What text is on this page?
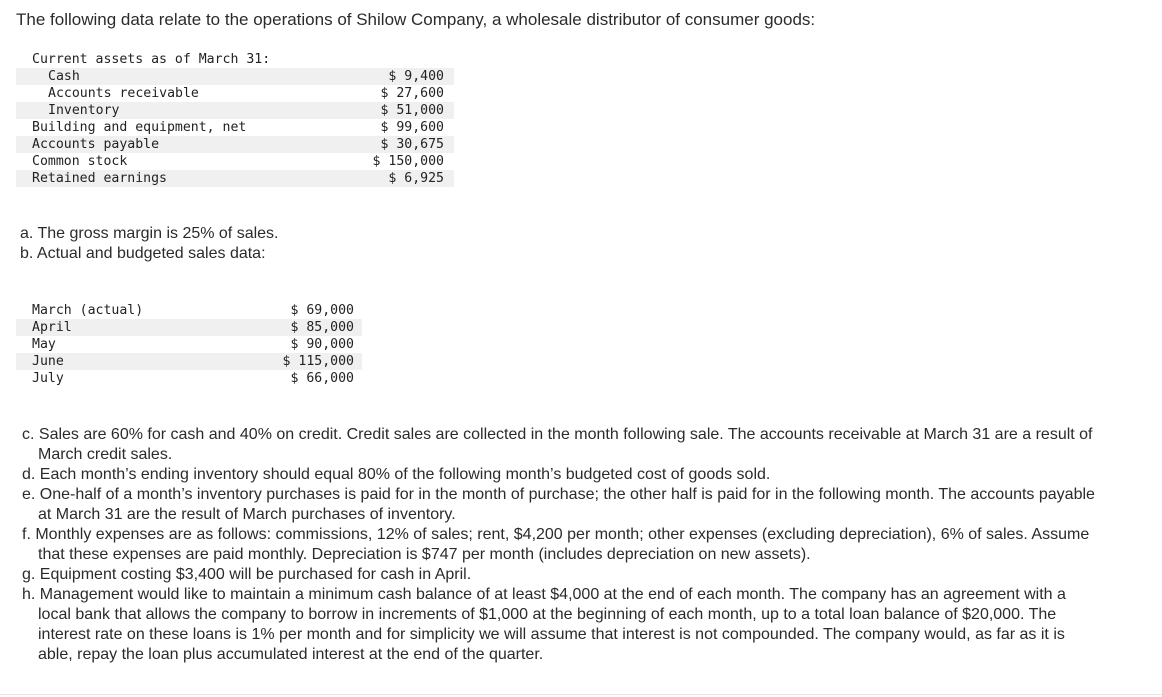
The following data relate to the operations of Shilow Company, a wholesale distributor of consumer goods:
Current assets as of March 31:
Cash	$ 9,400
Accounts receivable	$ 27,600
Inventory	$ 51,000
Building and equipment, net	$ 99,600
Accounts payable	$ 30,675
Common stock	$ 150,000
Retained earnings	$ 6,925
a. The gross margin is 25% of sales.
b. Actual and budgeted sales data:
March (actual)	$ 69,000
April	$ 85,000
May	$ 90,000
June	$ 115,000
July	$ 66,000

c. Sales are 60% for cash and 40% on credit. Credit sales are collected in the month following sale. The accounts receivable at March 31 are a result of March credit sales.

d. Each month’s ending inventory should equal 80% of the following month’s budgeted cost of goods sold.

e. One-half of a month’s inventory purchases is paid for in the month of purchase; the other half is paid for in the following month. The accounts payable at March 31 are the result of March purchases of inventory.

f. Monthly expenses are as follows: commissions, 12% of sales; rent, $4,200 per month; other expenses (excluding depreciation), 6% of sales. Assume that these expenses are paid monthly. Depreciation is $747 per month (includes depreciation on new assets).

g. Equipment costing $3,400 will be purchased for cash in April.

h. Management would like to maintain a minimum cash balance of at least $4,000 at the end of each month. The company has an agreement with a local bank that allows the company to borrow in increments of $1,000 at the beginning of each month, up to a total loan balance of $20,000. The interest rate on these loans is 1% per month and for simplicity we will assume that interest is not compounded. The company would, as far as it is able, repay the loan plus accumulated interest at the end of the quarter.
